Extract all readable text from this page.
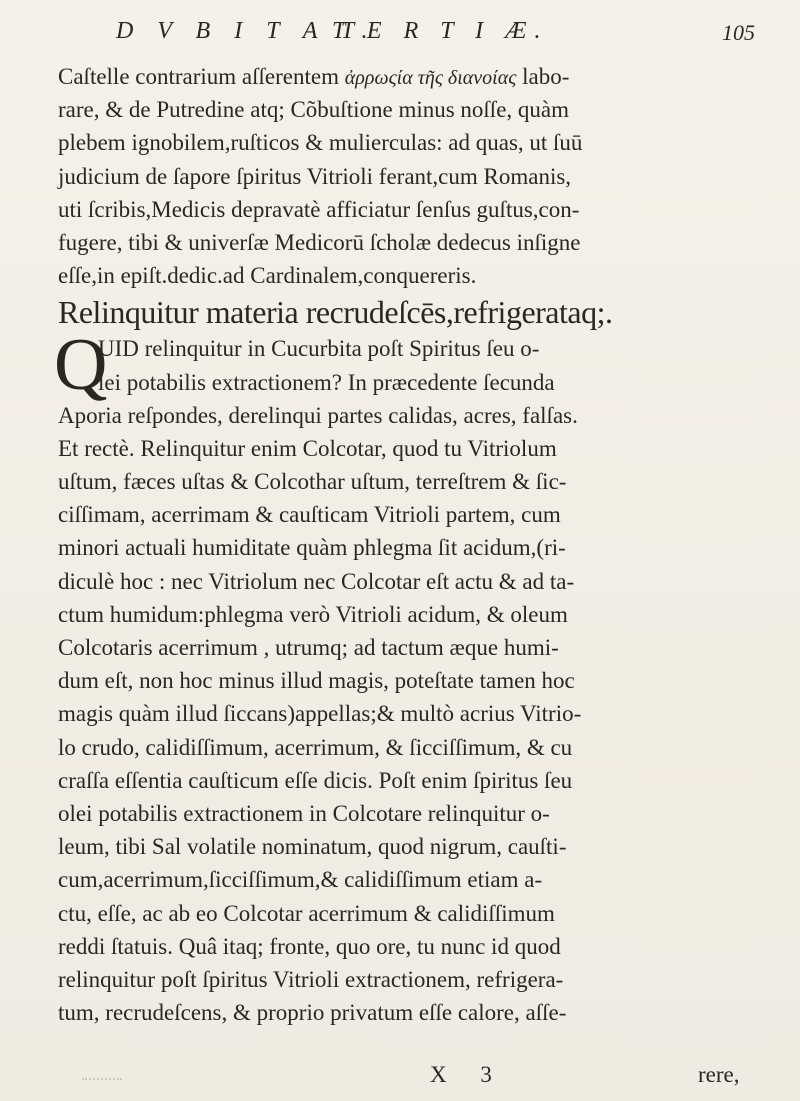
D V B I T A T.
T E R T I Æ.	105
Caſtelle contrarium aſſerentem ἀρρωςία τῆς διανοίας labo-
rare, & de Putredine atq; Cõbuſtione minus noſſe, quàm
plebem ignobilem,ruſticos & mulierculas: ad quas, ut ſuū
judicium de ſapore ſpiritus Vitrioli ferant,cum Romanis,
uti ſcribis,Medicis depravatè afficiatur ſenſus guſtus,con-
fugere, tibi & univerſæ Medicorū ſcholæ dedecus inſigne
eſſe,in epiſt.dedic.ad Cardinalem,conquereris.
Relinquitur materia recrudeſcēs,refrigerataq;.
Q
UID relinquitur in Cucurbita poſt Spiritus ſeu o-
lei potabilis extractionem? In præcedente ſecunda
Aporia reſpondes, derelinqui partes calidas, acres, falſas.
Et rectè. Relinquitur enim Colcotar, quod tu Vitriolum
uſtum, fæces uſtas & Colcothar uſtum, terreſtrem & ſic-
ciſſimam, acerrimam & cauſticam Vitrioli partem, cum
minori actuali humiditate quàm phlegma ſit acidum,(ri-
diculè hoc : nec Vitriolum nec Colcotar eſt actu & ad ta-
ctum humidum:phlegma verò Vitrioli acidum, & oleum
Colcotaris acerrimum , utrumq; ad tactum æque humi-
dum eſt, non hoc minus illud magis, poteſtate tamen hoc
magis quàm illud ſiccans)appellas;& multò acrius Vitrio-
lo crudo, calidiſſimum, acerrimum, & ſicciſſimum, & cu
craſſa eſſentia cauſticum eſſe dicis. Poſt enim ſpiritus ſeu
olei potabilis extractionem in Colcotare relinquitur o-
leum, tibi Sal volatile nominatum, quod nigrum, cauſti-
cum,acerrimum,ſicciſſimum,& calidiſſimum etiam a-
ctu, eſſe, ac ab eo Colcotar acerrimum & calidiſſimum
reddi ſtatuis. Quâ itaq; fronte, quo ore, tu nunc id quod
relinquitur poſt ſpiritus Vitrioli extractionem, refrigera-
tum, recrudeſcens, & proprio privatum eſſe calore, aſſe-
X 3	rere,
